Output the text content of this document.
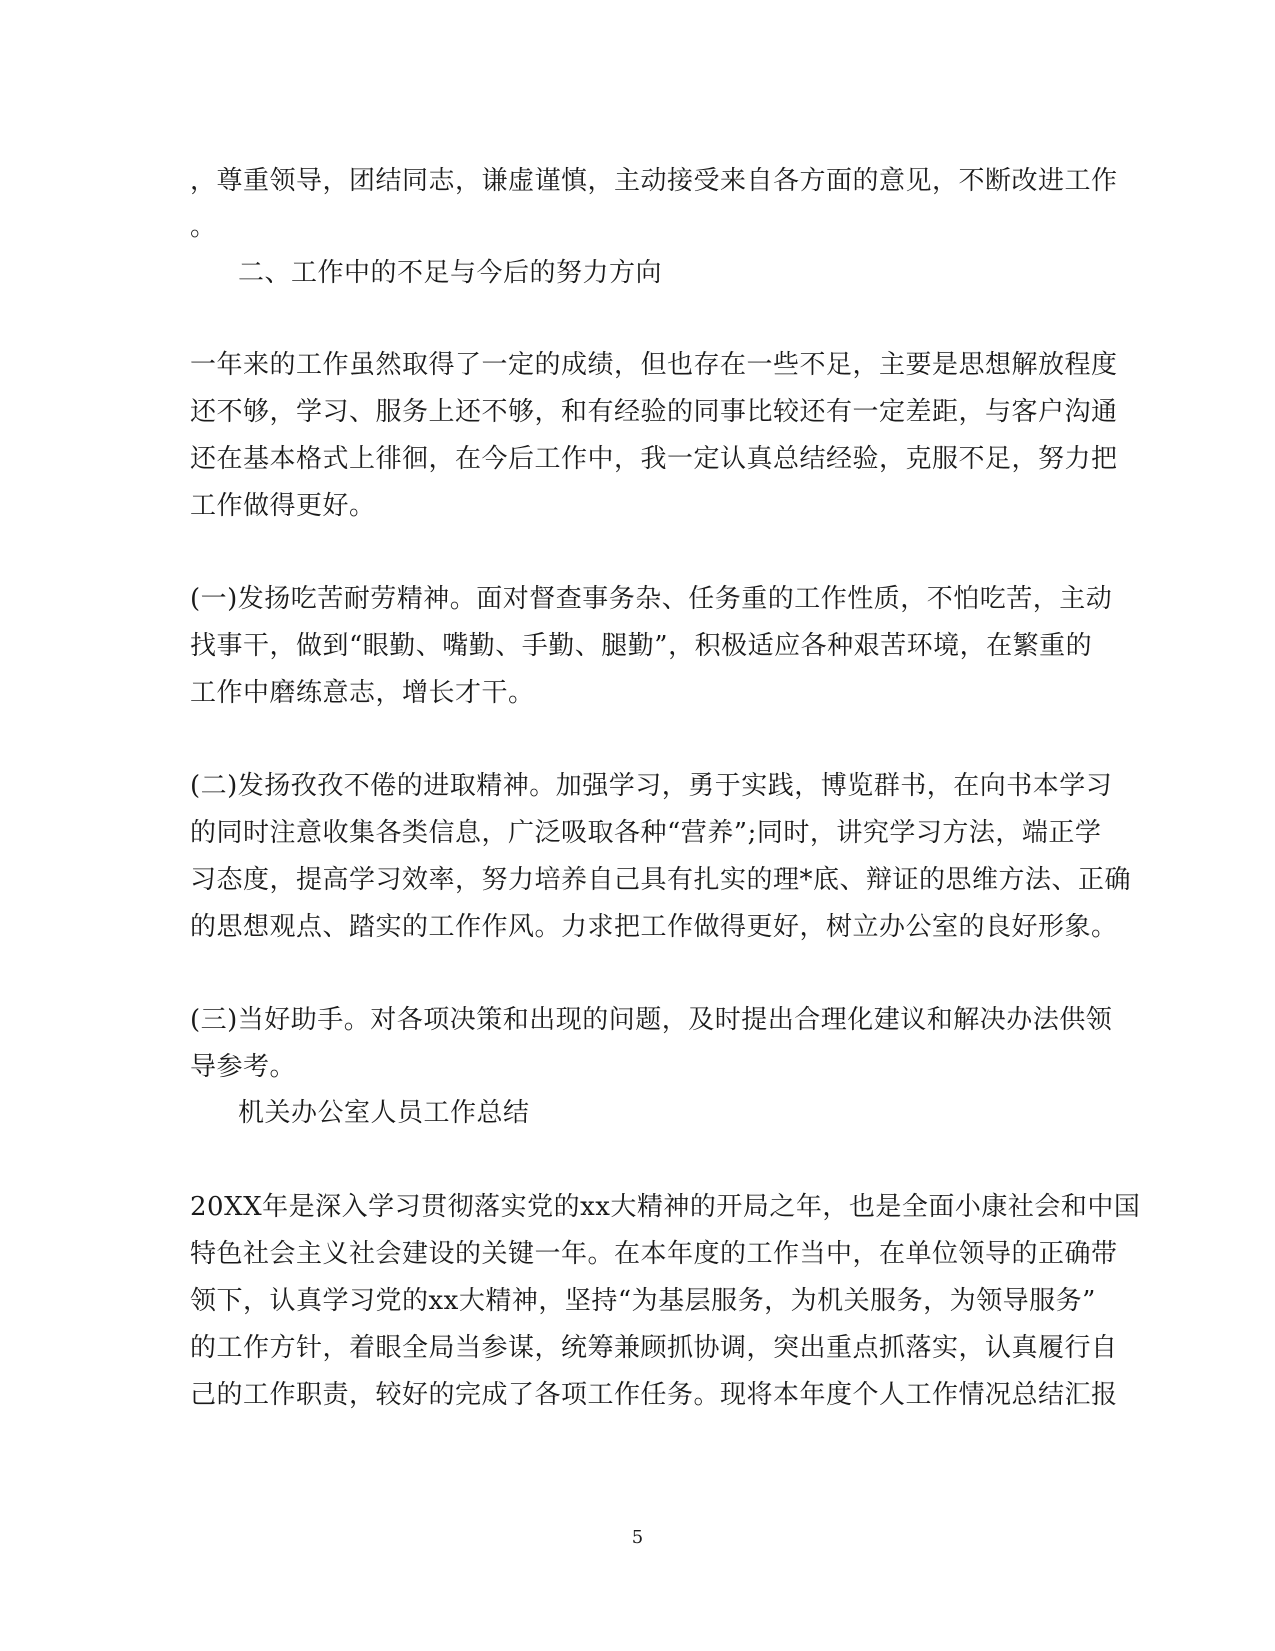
，尊重领导，团结同志，谦虚谨慎，主动接受来自各方面的意见，不断改进工作
。
二、工作中的不足与今后的努力方向
一年来的工作虽然取得了一定的成绩，但也存在一些不足，主要是思想解放程度
还不够，学习、服务上还不够，和有经验的同事比较还有一定差距，与客户沟通
还在基本格式上徘徊，在今后工作中，我一定认真总结经验，克服不足，努力把
工作做得更好。
(一)发扬吃苦耐劳精神。面对督查事务杂、任务重的工作性质，不怕吃苦，主动
找事干，做到“眼勤、嘴勤、手勤、腿勤”，积极适应各种艰苦环境，在繁重的
工作中磨练意志，增长才干。
(二)发扬孜孜不倦的进取精神。加强学习，勇于实践，博览群书，在向书本学习
的同时注意收集各类信息，广泛吸取各种“营养”;同时，讲究学习方法，端正学
习态度，提高学习效率，努力培养自己具有扎实的理*底、辩证的思维方法、正确
的思想观点、踏实的工作作风。力求把工作做得更好，树立办公室的良好形象。
(三)当好助手。对各项决策和出现的问题，及时提出合理化建议和解决办法供领
导参考。
机关办公室人员工作总结
20XX年是深入学习贯彻落实党的xx大精神的开局之年，也是全面小康社会和中国
特色社会主义社会建设的关键一年。在本年度的工作当中，在单位领导的正确带
领下，认真学习党的xx大精神，坚持“为基层服务，为机关服务，为领导服务”
的工作方针，着眼全局当参谋，统筹兼顾抓协调，突出重点抓落实，认真履行自
己的工作职责，较好的完成了各项工作任务。现将本年度个人工作情况总结汇报
5
